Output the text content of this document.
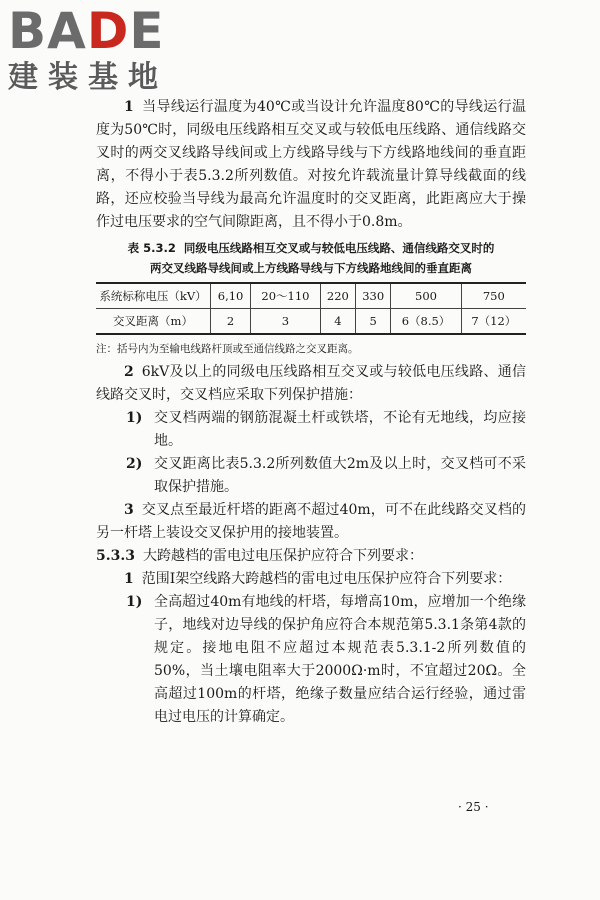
BADE
建装基地

1 当导线运行温度为40℃或当设计允许温度80℃的导线运行温度为50℃时，同级电压线路相互交叉或与较低电压线路、通信线路交叉时的两交叉线路导线间或上方线路导线与下方线路地线间的垂直距离，不得小于表5.3.2所列数值。对按允许载流量计算导线截面的线路，还应校验当导线为最高允许温度时的交叉距离，此距离应大于操作过电压要求的空气间隙距离，且不得小于0.8m。

表 5.3.2 同级电压线路相互交叉或与较低电压线路、通信线路交叉时的
两交叉线路导线间或上方线路导线与下方线路地线间的垂直距离
系统标称电压（kV）	6,10	20～110	220	330	500	750
交叉距离（m）	2	3	4	5	6（8.5）	7（12）
注：括号内为至输电线路杆顶或至通信线路之交叉距离。

2 6kV及以上的同级电压线路相互交叉或与较低电压线路、通信线路交叉时，交叉档应采取下列保护措施：

1) 交叉档两端的钢筋混凝土杆或铁塔，不论有无地线，均应接地。
2) 交叉距离比表5.3.2所列数值大2m及以上时，交叉档可不采取保护措施。

3 交叉点至最近杆塔的距离不超过40m，可不在此线路交叉档的另一杆塔上装设交叉保护用的接地装置。

5.3.3 大跨越档的雷电过电压保护应符合下列要求：

1 范围Ⅰ架空线路大跨越档的雷电过电压保护应符合下列要求：

1) 全高超过40m有地线的杆塔，每增高10m，应增加一个绝缘子，地线对边导线的保护角应符合本规范第5.3.1条第4款的规定。接地电阻不应超过本规范表5.3.1-2所列数值的50%，当土壤电阻率大于2000Ω·m时，不宜超过20Ω。全高超过100m的杆塔，绝缘子数量应结合运行经验，通过雷电过电压的计算确定。
· 25 ·
